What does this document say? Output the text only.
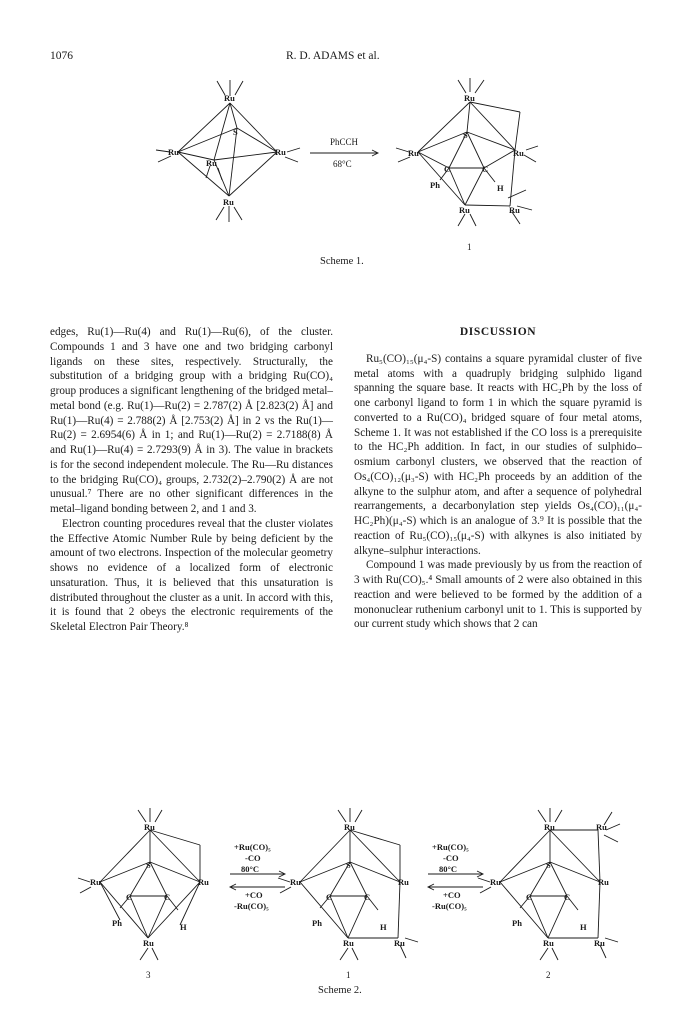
1076	R. D. ADAMS et al.
Ru
S
Ru	Ru
Ru
Ru
Ru
S
Ru	Ru
C	C
Ph	H
Ru	Ru
PhCCH
68°C
1
Scheme 1.

edges, Ru(1)—Ru(4) and Ru(1)—Ru(6), of the cluster. Compounds 1 and 3 have one and two bridging carbonyl ligands on these sites, respectively. Structurally, the substitution of a bridging group with a bridging Ru(CO)₄ group produces a significant lengthening of the bridged metal–metal bond (e.g. Ru(1)—Ru(2) = 2.787(2) Å [2.823(2) Å] and Ru(1)—Ru(4) = 2.788(2) Å [2.753(2) Å] in 2 vs the Ru(1)—Ru(2) = 2.6954(6) Å in 1; and Ru(1)—Ru(2) = 2.7188(8) Å and Ru(1)—Ru(4) = 2.7293(9) Å in 3). The value in brackets is for the second independent molecule. The Ru—Ru distances to the bridging Ru(CO)₄ groups, 2.732(2)–2.790(2) Å are not unusual.⁷ There are no other significant differences in the metal–ligand bonding between 2, and 1 and 3.

Electron counting procedures reveal that the cluster violates the Effective Atomic Number Rule by being deficient by the amount of two electrons. Inspection of the molecular geometry shows no evidence of a localized form of electronic unsaturation. Thus, it is believed that this unsaturation is distributed throughout the cluster as a unit. In accord with this, it is found that 2 obeys the electronic requirements of the Skeletal Electron Pair Theory.⁸

DISCUSSION

Ru₅(CO)₁₅(μ₄-S) contains a square pyramidal cluster of five metal atoms with a quadruply bridging sulphido ligand spanning the square base. It reacts with HC₂Ph by the loss of one carbonyl ligand to form 1 in which the square pyramid is converted to a Ru(CO)₄ bridged square of four metal atoms, Scheme 1. It was not established if the CO loss is a prerequisite to the HC₂Ph addition. In fact, in our studies of sulphido–osmium carbonyl clusters, we observed that the reaction of Os₄(CO)₁₂(μ₃-S) with HC₂Ph proceeds by an addition of the alkyne to the sulphur atom, and after a sequence of polyhedral rearrangements, a decarbonylation step yields Os₄(CO)₁₁(μ₄-HC₂Ph)(μ₄-S) which is an analogue of 3.⁹ It is possible that the reaction of Ru₅(CO)₁₅(μ₄-S) with alkynes is also initiated by alkyne–sulphur interactions.

Compound 1 was made previously by us from the reaction of 3 with Ru(CO)₅.⁴ Small amounts of 2 were also obtained in this reaction and were believed to be formed by the addition of a mononuclear ruthenium carbonyl unit to 1. This is supported by our current study which shows that 2 can

Ru
S
Ru	Ru
C	C
Ph	H
Ru
Ru
S
Ru	Ru
C	C
Ph	H
Ru	Ru
Ru	Ru
S
Ru	Ru
C	C
Ph	H
Ru	Ru
+Ru(CO)₅
-CO
80°C
+CO
-Ru(CO)₅
+Ru(CO)₅
-CO
80°C
+CO
-Ru(CO)₅
3	1	2
Scheme 2.
